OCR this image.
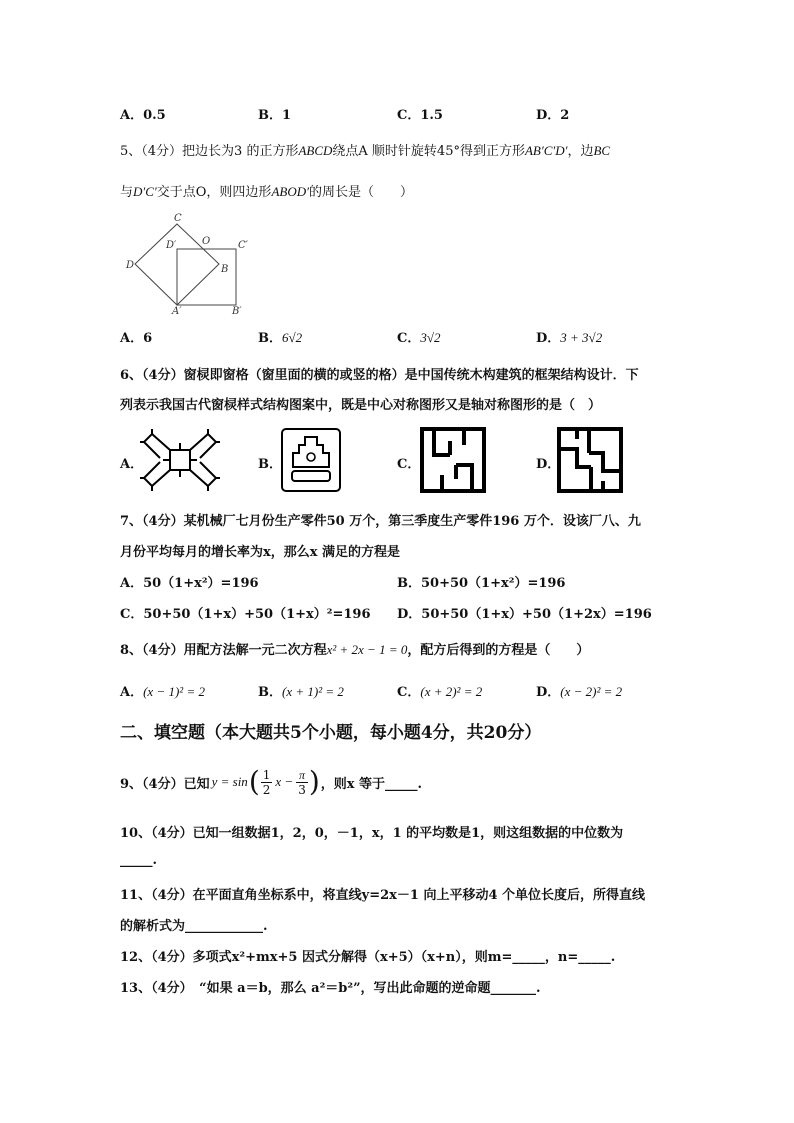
A．0.5	B．1	C．1.5	D．2
5、（4分）把边长为3 的正方形ABCD绕点A 顺时针旋转45°得到正方形AB′C′D′，边BC
与D′C′交于点O，则四边形ABOD′的周长是（　　）
C
D′	O	C′
D	B
A′	B′
A．6	B．6√2	C．3√2	D．3 + 3√2
6、（4分）窗棂即窗格（窗里面的横的或竖的格）是中国传统木构建筑的框架结构设计．下
列表示我国古代窗棂样式结构图案中，既是中心对称图形又是轴对称图形的是（　）
A．	B．	C．	D．
7、（4分）某机械厂七月份生产零件50 万个，第三季度生产零件196 万个．设该厂八、九
月份平均每月的增长率为x，那么x 满足的方程是
A．50（1+x²）=196	B．50+50（1+x²）=196
C．50+50（1+x）+50（1+x）²=196 D．50+50（1+x）+50（1+2x）=196
8、（4分）用配方法解一元二次方程x² + 2x − 1 = 0，配方后得到的方程是（　　）
A．(x − 1)² = 2	B．(x + 1)² = 2	C．(x + 2)² = 2	D．(x − 2)² = 2
二、填空题（本大题共5个小题，每小题4分，共20分）
9、（4分）已知 y = sin ( 1
2
$x - \frac{\pi}{3}$ ) ，则x 等于_____.
10、（4分）已知一组数据1，2，0，－1，x，1 的平均数是1，则这组数据的中位数为
_____.
11、（4分）在平面直角坐标系中，将直线y=2x－1 向上平移动4 个单位长度后，所得直线
的解析式为____________.
12、（4分）多项式x²+mx+5 因式分解得（x+5）（x+n），则m=_____，n=_____.
13、（4分）　“如果 a＝b，那么 a²＝b²”，写出此命题的逆命题_______.
